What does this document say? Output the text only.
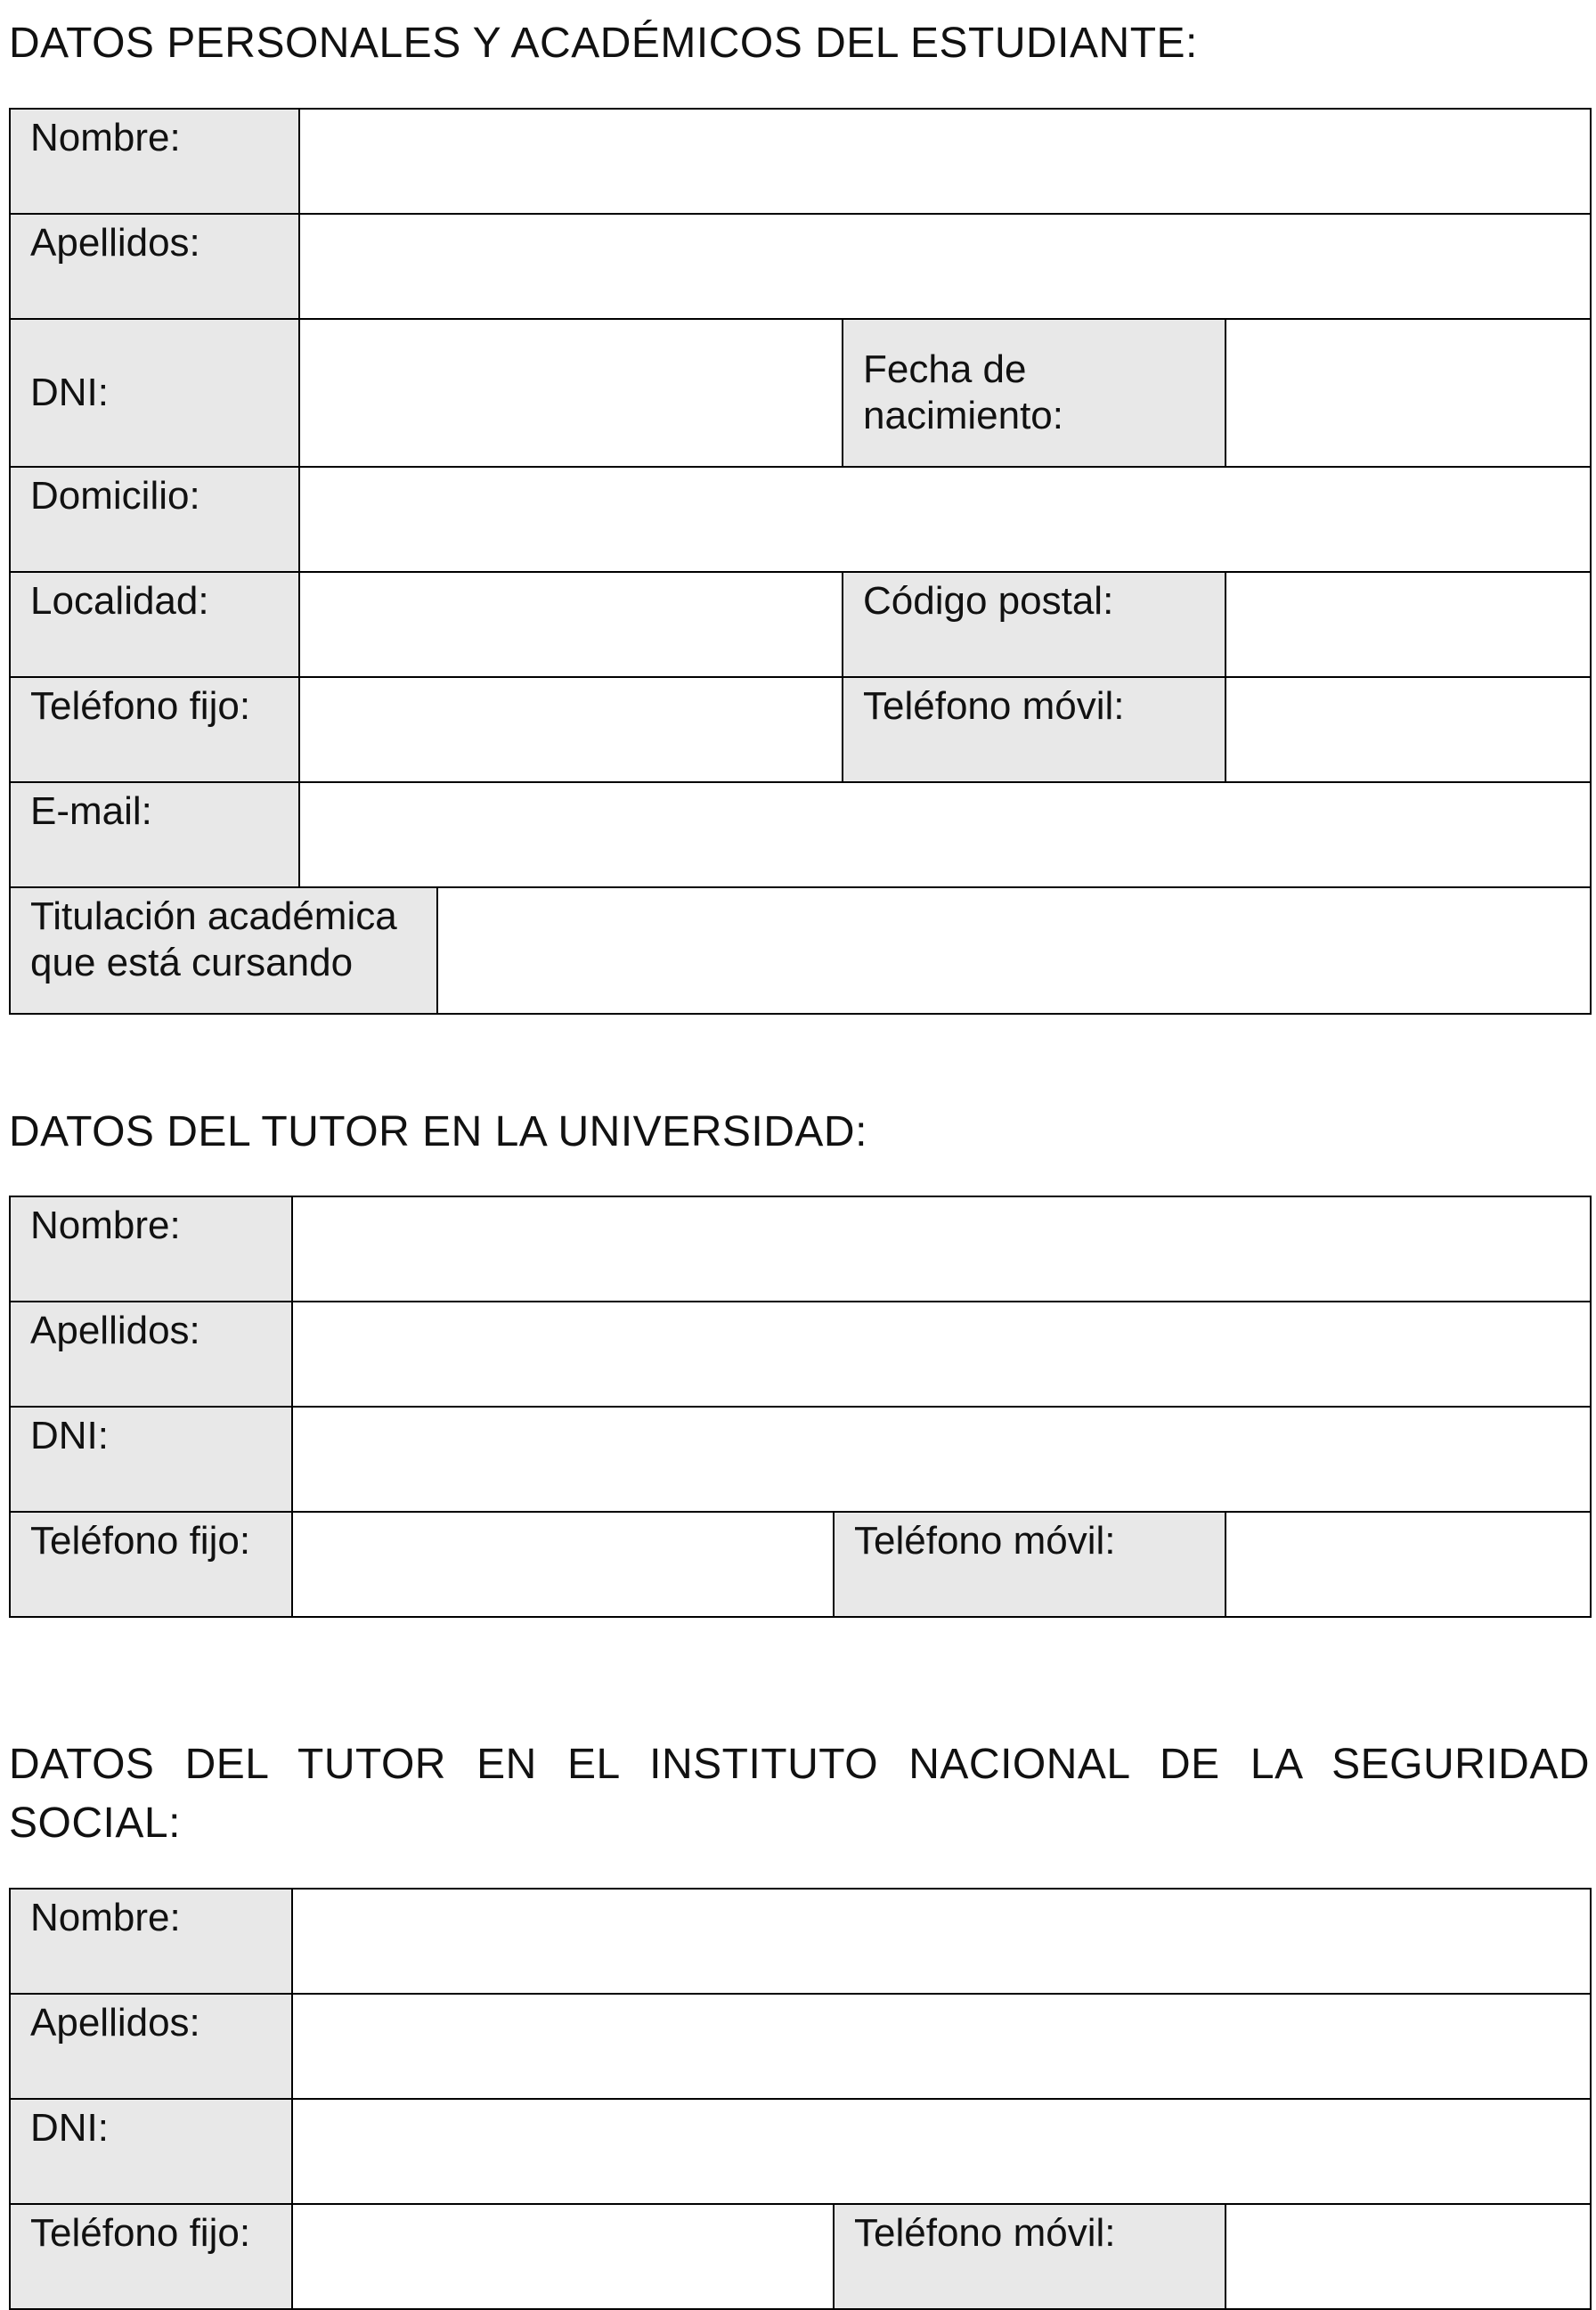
DATOS PERSONALES Y ACADÉMICOS DEL ESTUDIANTE:
Nombre:				
Apellidos:				
DNI:			Fecha de
nacimiento:	
Domicilio:				
Localidad:			Código postal:	
Teléfono fijo:			Teléfono móvil:	
E-mail:				
Titulación académica
que está cursando				
DATOS DEL TUTOR EN LA UNIVERSIDAD:
Nombre:			
Apellidos:			
DNI:			
Teléfono fijo:		Teléfono móvil:	
DATOS DEL TUTOR EN EL INSTITUTO NACIONAL DE LA SEGURIDAD SOCIAL:
Nombre:			
Apellidos:			
DNI:			
Teléfono fijo:		Teléfono móvil:	
